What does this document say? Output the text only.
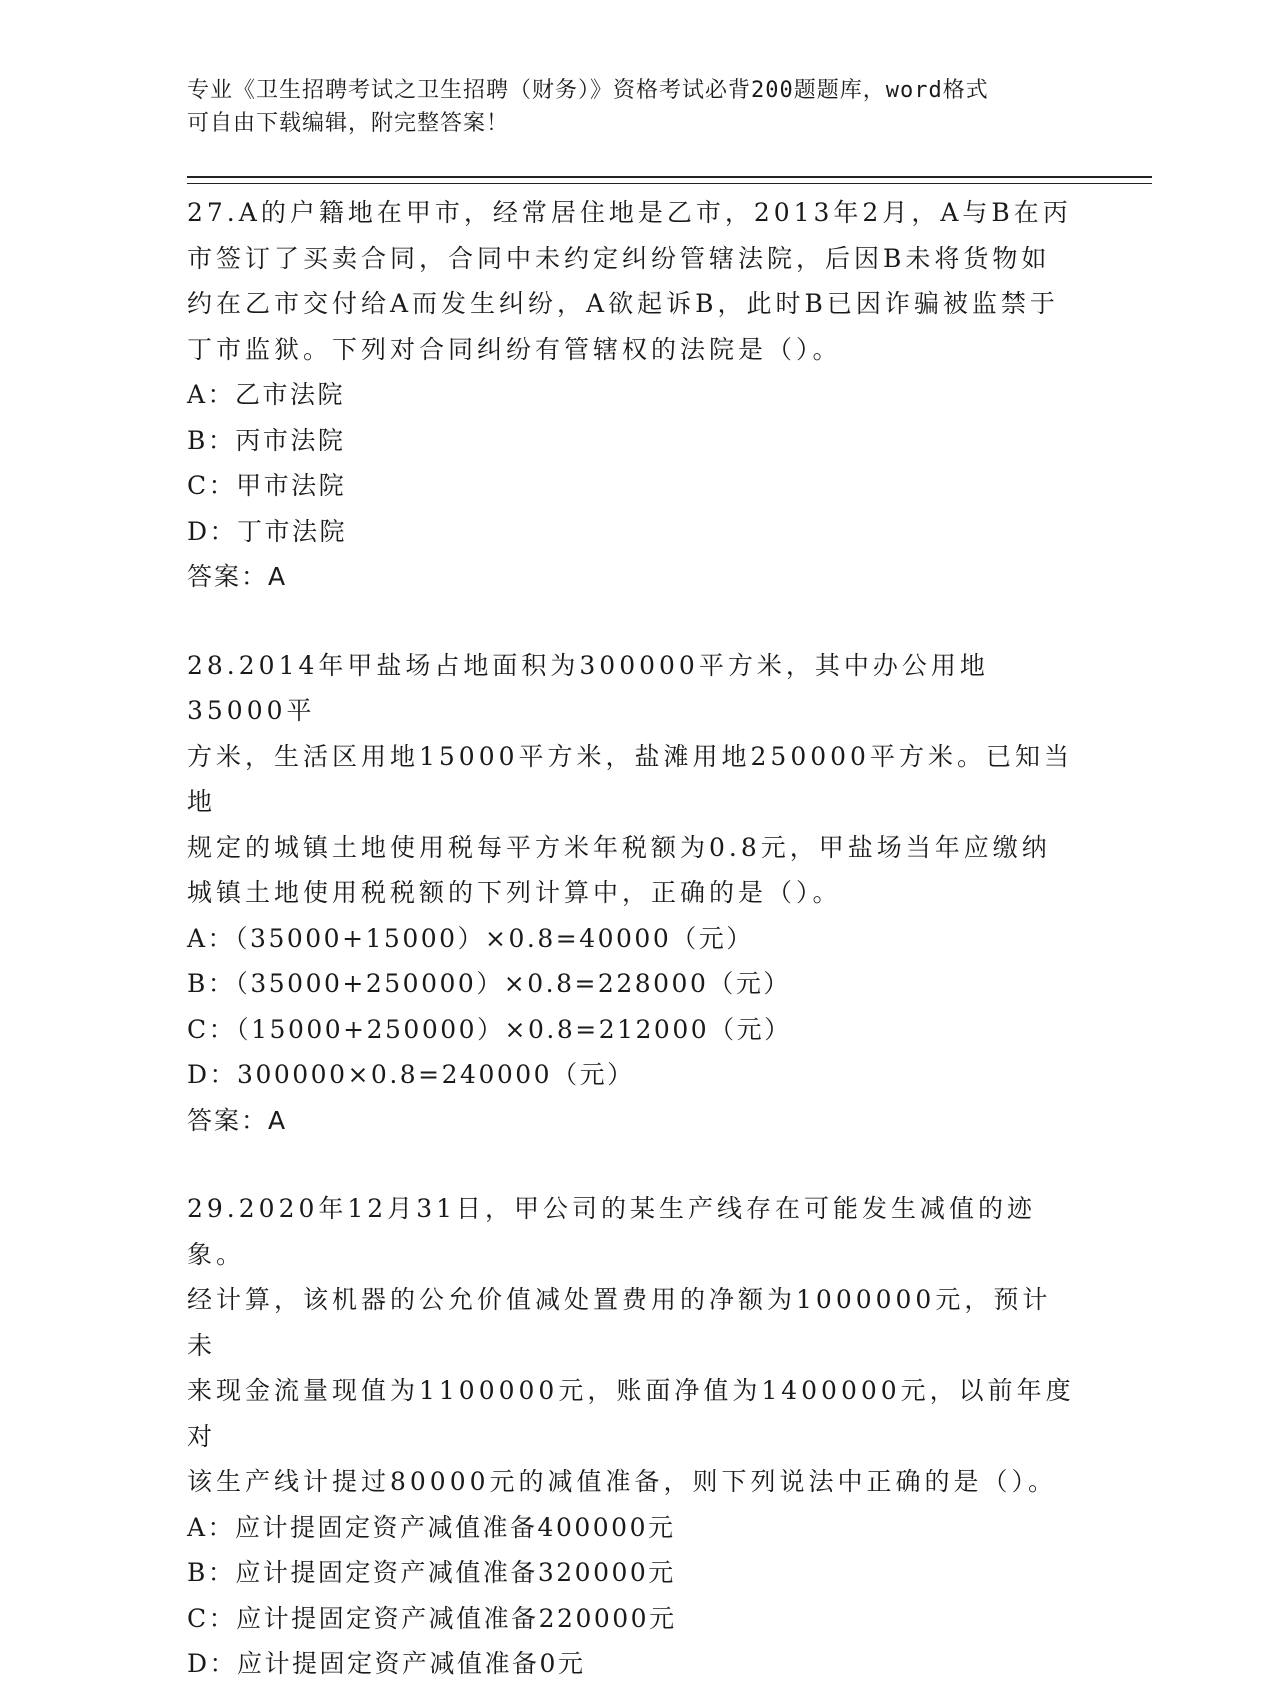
专业《卫生招聘考试之卫生招聘（财务）》资格考试必背200题题库，word格式
可自由下载编辑，附完整答案！

27.A的户籍地在甲市，经常居住地是乙市，2013年2月，A与B在丙

市签订了买卖合同，合同中未约定纠纷管辖法院，后因B未将货物如

约在乙市交付给A而发生纠纷，A欲起诉B，此时B已因诈骗被监禁于

丁市监狱。下列对合同纠纷有管辖权的法院是（）。

A：乙市法院

B：丙市法院

C：甲市法院

D：丁市法院

答案：A

28.2014年甲盐场占地面积为300000平方米，其中办公用地35000平

方米，生活区用地15000平方米，盐滩用地250000平方米。已知当地

规定的城镇土地使用税每平方米年税额为0.8元，甲盐场当年应缴纳

城镇土地使用税税额的下列计算中，正确的是（）。

A：（35000+15000）×0.8=40000（元）

B：（35000+250000）×0.8=228000（元）

C：（15000+250000）×0.8=212000（元）

D：300000×0.8=240000（元）

答案：A

29.2020年12月31日，甲公司的某生产线存在可能发生减值的迹象。

经计算，该机器的公允价值减处置费用的净额为1000000元，预计未

来现金流量现值为1100000元，账面净值为1400000元，以前年度对

该生产线计提过80000元的减值准备，则下列说法中正确的是（）。

A：应计提固定资产减值准备400000元

B：应计提固定资产减值准备320000元

C：应计提固定资产减值准备220000元

D：应计提固定资产减值准备0元
